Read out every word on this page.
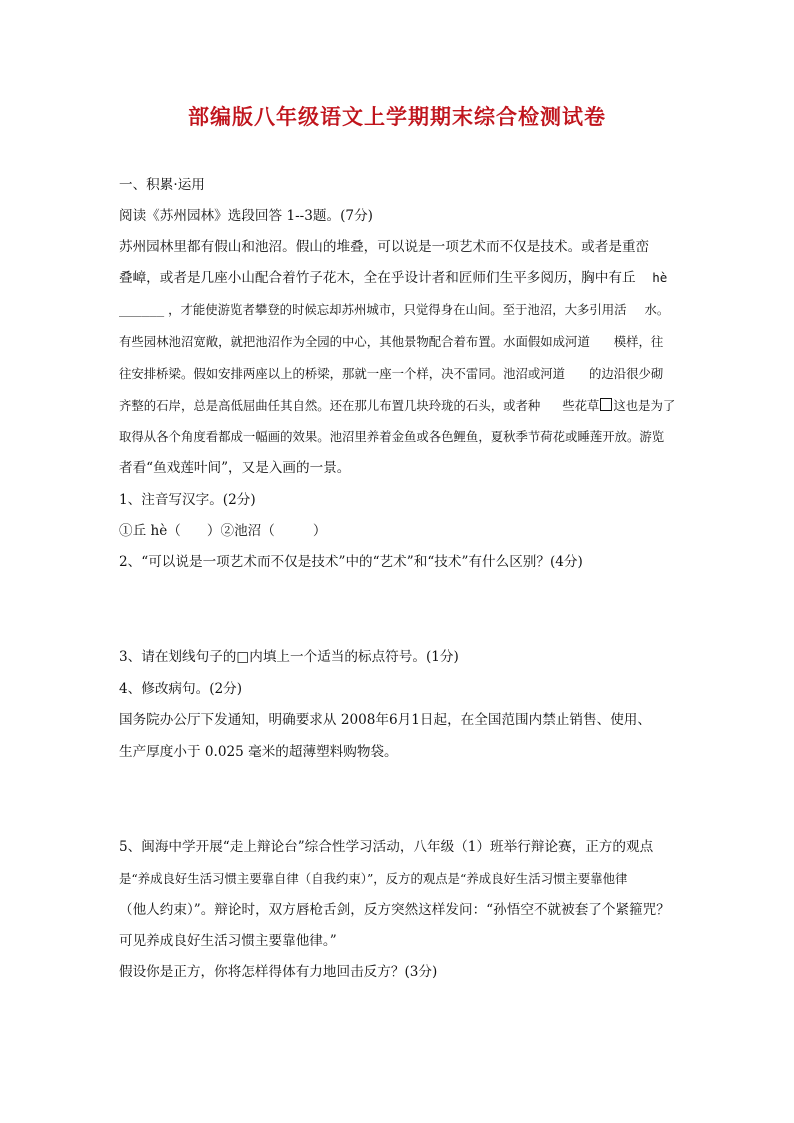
部编版八年级语文上学期期末综合检测试卷
一、积累·运用
阅读《苏州园林》选段回答 1--3题。(7分)
苏州园林里都有假山和池沼。假山的堆叠，可以说是一项艺术而不仅是技术。或者是重峦
叠嶂，或者是几座小山配合着竹子花木，全在乎设计者和匠师们生平多阅历，胸中有丘 hè
______ ，才能使游览者攀登的时候忘却苏州城市，只觉得身在山间。至于池沼，大多引用活 水。
有些园林池沼宽敞，就把池沼作为全园的中心，其他景物配合着布置。水面假如成河道 模样，往
往安排桥梁。假如安排两座以上的桥梁，那就一座一个样，决不雷同。池沼或河道 的边沿很少砌
齐整的石岸，总是高低屈曲任其自然。还在那儿布置几块玲珑的石头，或者种 些花草 这也是为了
取得从各个角度看都成一幅画的效果。池沼里养着金鱼或各色鲤鱼，夏秋季节荷花或睡莲开放。游览
者看“鱼戏莲叶间”，又是入画的一景。
1、注音写汉字。(2分)
①丘 hè（ ）②池沼（	）
2、“可以说是一项艺术而不仅是技术”中的“艺术”和“技术”有什么区别？(4分)
3、请在划线句子的□内填上一个适当的标点符号。(1分)
4、修改病句。(2分)
国务院办公厅下发通知，明确要求从 2008年6月1日起，在全国范围内禁止销售、使用、
生产厚度小于 0.025 毫米的超薄塑料购物袋。
5、闽海中学开展“走上辩论台”综合性学习活动，八年级（1）班举行辩论赛，正方的观点
是“养成良好生活习惯主要靠自律（自我约束）”，反方的观点是“养成良好生活习惯主要靠他律
（他人约束）”。辩论时，双方唇枪舌剑，反方突然这样发问：“孙悟空不就被套了个紧箍咒？
可见养成良好生活习惯主要靠他律。”
假设你是正方，你将怎样得体有力地回击反方？(3分)
